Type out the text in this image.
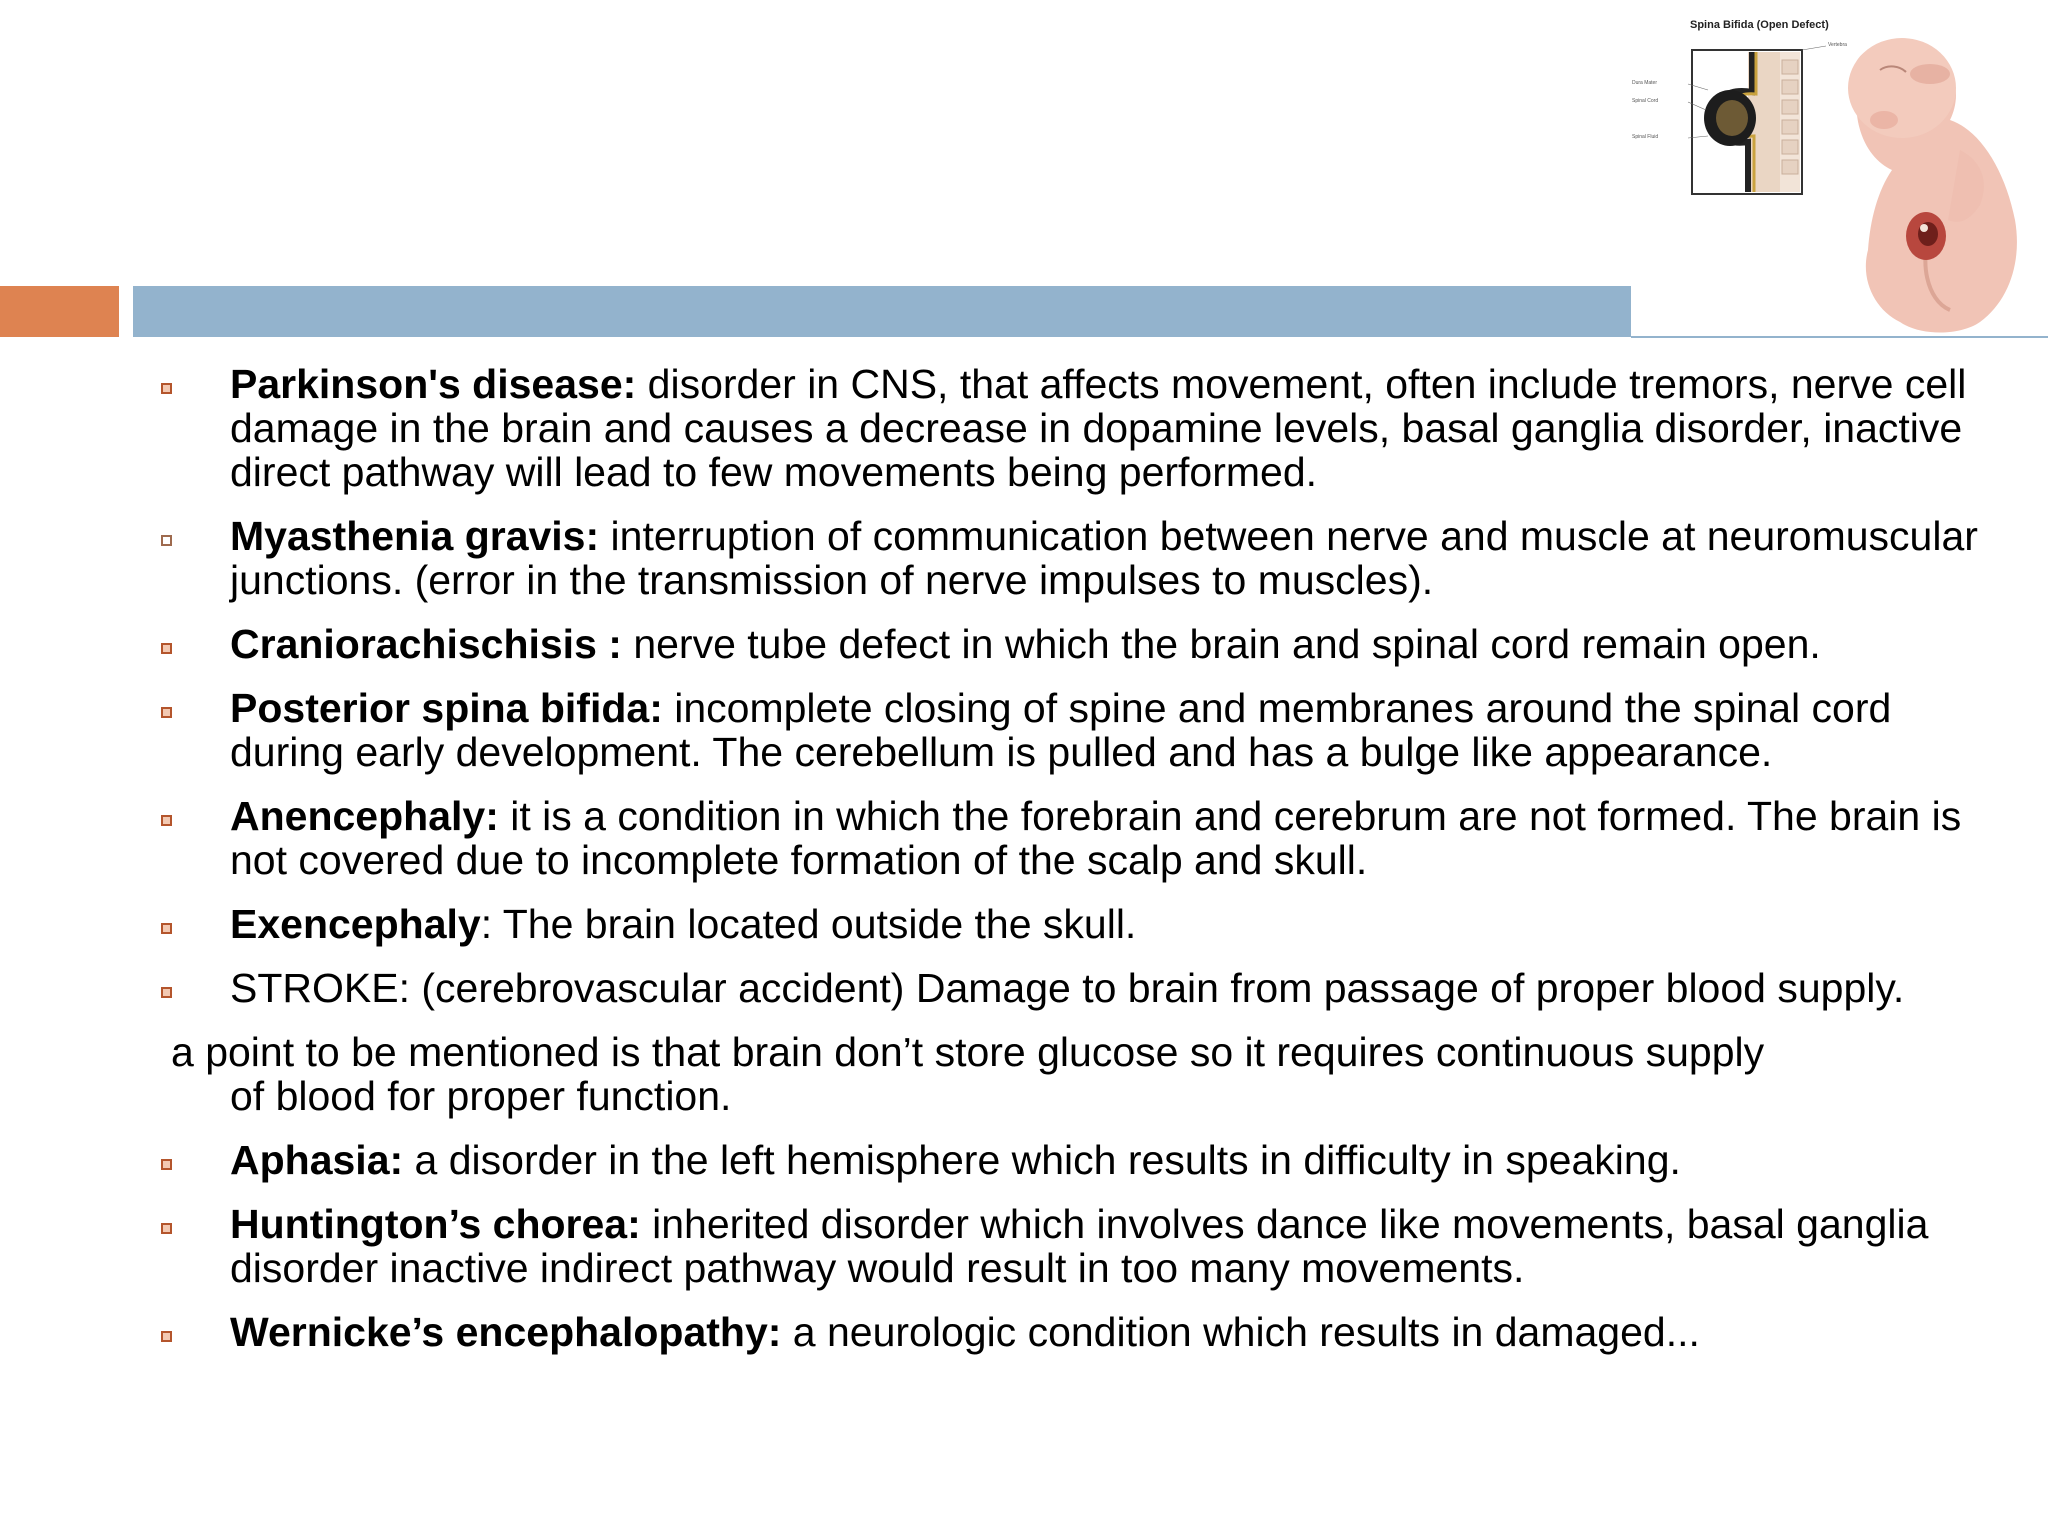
Spina Bifida (Open Defect)
Vertebra
Dura Mater
Spinal Cord
Spinal Fluid
Parkinson's disease: disorder in CNS, that affects movement, often include tremors, nerve cell damage in the brain and causes a decrease in dopamine levels, basal ganglia disorder, inactive direct pathway will lead to few movements being performed.
Myasthenia gravis: interruption of communication between nerve and muscle at neuromuscular junctions. (error in the transmission of nerve impulses to muscles).
Craniorachischisis : nerve tube defect in which the brain and spinal cord remain open.
Posterior spina bifida: incomplete closing of spine and membranes around the spinal cord during early development. The cerebellum is pulled and has a bulge like appearance.
Anencephaly: it is a condition in which the forebrain and cerebrum are not formed. The brain is not covered due to incomplete formation of the scalp and skull.
Exencephaly: The brain located outside the skull.
STROKE: (cerebrovascular accident) Damage to brain from passage of proper blood supply.
a point to be mentioned is that brain don’t store glucose so it requires continuous supply
of blood for proper function.
Aphasia: a disorder in the left hemisphere which results in difficulty in speaking.
Huntington’s chorea: inherited disorder which involves dance like movements, basal ganglia disorder inactive indirect pathway would result in too many movements.
Wernicke’s encephalopathy: a neurologic condition which results in damaged...
